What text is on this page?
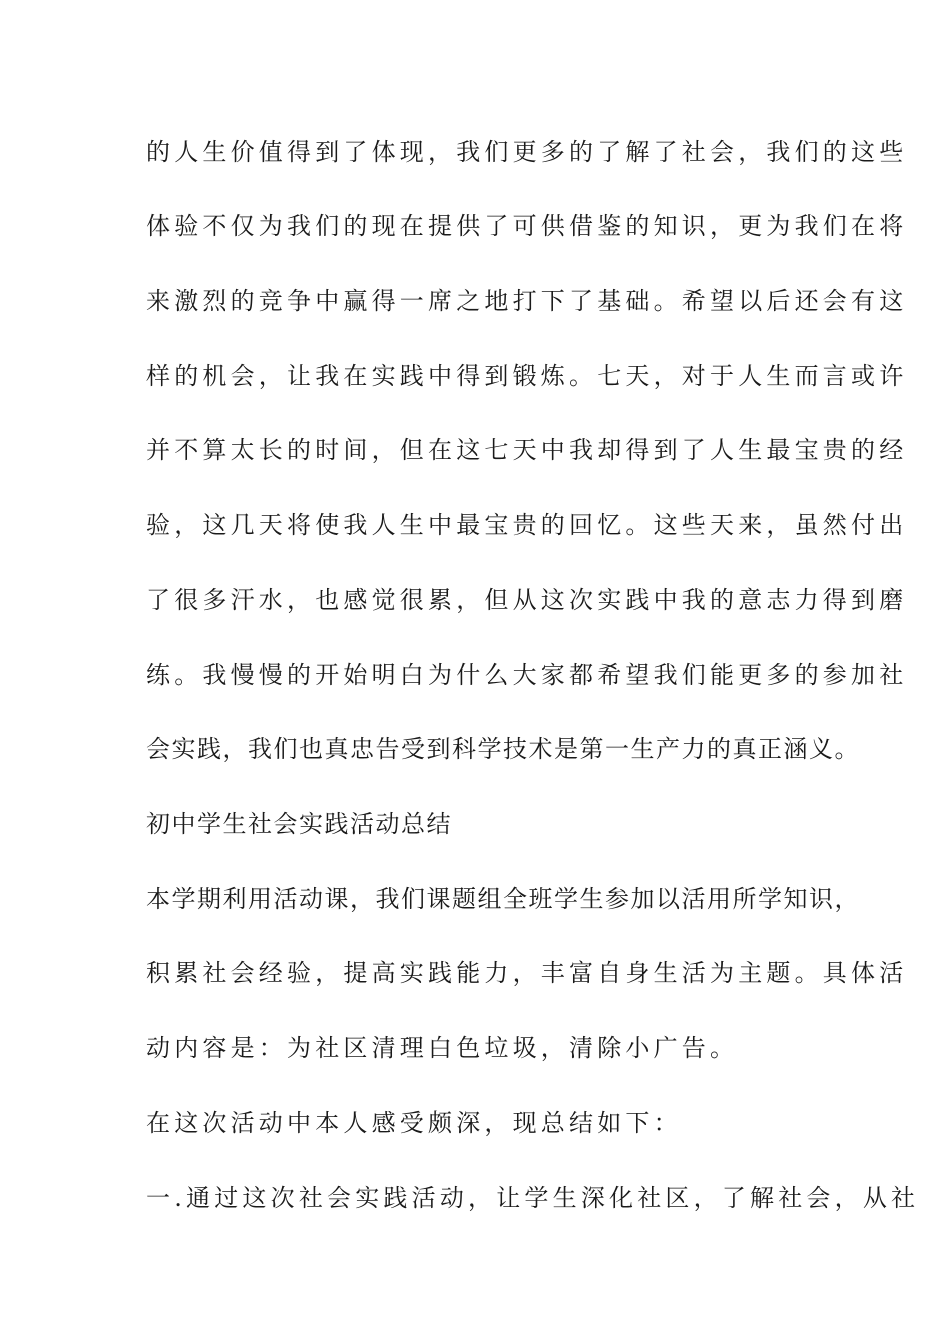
的人生价值得到了体现，我们更多的了解了社会，我们的这些
体验不仅为我们的现在提供了可供借鉴的知识，更为我们在将
来激烈的竞争中赢得一席之地打下了基础。希望以后还会有这
样的机会，让我在实践中得到锻炼。七天，对于人生而言或许
并不算太长的时间，但在这七天中我却得到了人生最宝贵的经
验，这几天将使我人生中最宝贵的回忆。这些天来，虽然付出
了很多汗水，也感觉很累，但从这次实践中我的意志力得到磨
练。我慢慢的开始明白为什么大家都希望我们能更多的参加社
会实践，我们也真忠告受到科学技术是第一生产力的真正涵义。
初中学生社会实践活动总结
本学期利用活动课，我们课题组全班学生参加以活用所学知识，
积累社会经验，提高实践能力，丰富自身生活为主题。具体活
动内容是：为社区清理白色垃圾，清除小广告。
在这次活动中本人感受颇深，现总结如下：
一.通过这次社会实践活动，让学生深化社区，了解社会，从社
